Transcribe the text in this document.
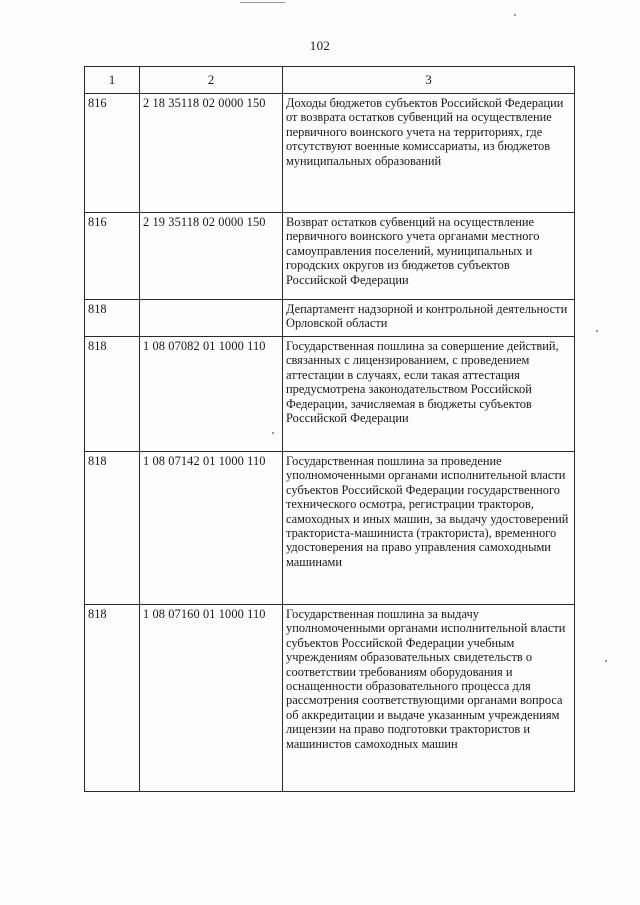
102
1	2	3
816	2 18 35118 02 0000 150	Доходы бюджетов субъектов Российской Федерации от возврата остатков субвенций на осуществление первичного воинского учета на территориях, где отсутствуют военные комиссариаты, из бюджетов муниципальных образований
816	2 19 35118 02 0000 150	Возврат остатков субвенций на осуществление первичного воинского учета органами местного самоуправления поселений, муниципальных и городских округов из бюджетов субъектов Российской Федерации
818		Департамент надзорной и контрольной деятельности Орловской области
818	1 08 07082 01 1000 110	Государственная пошлина за совершение действий, связанных с лицензированием, с проведением аттестации в случаях, если такая аттестация предусмотрена законодательством Российской Федерации, зачисляемая в бюджеты субъектов Российской Федерации
818	1 08 07142 01 1000 110	Государственная пошлина за проведение уполномоченными органами исполнительной власти субъектов Российской Федерации государственного технического осмотра, регистрации тракторов, самоходных и иных машин, за выдачу удостоверений тракториста-машиниста (тракториста), временного удостоверения на право управления самоходными машинами
818	1 08 07160 01 1000 110	Государственная пошлина за выдачу уполномоченными органами исполнительной власти субъектов Российской Федерации учебным учреждениям образовательных свидетельств о соответствии требованиям оборудования и оснащенности образовательного процесса для рассмотрения соответствующими органами вопроса об аккредитации и выдаче указанным учреждениям лицензии на право подготовки трактористов и машинистов самоходных машин
